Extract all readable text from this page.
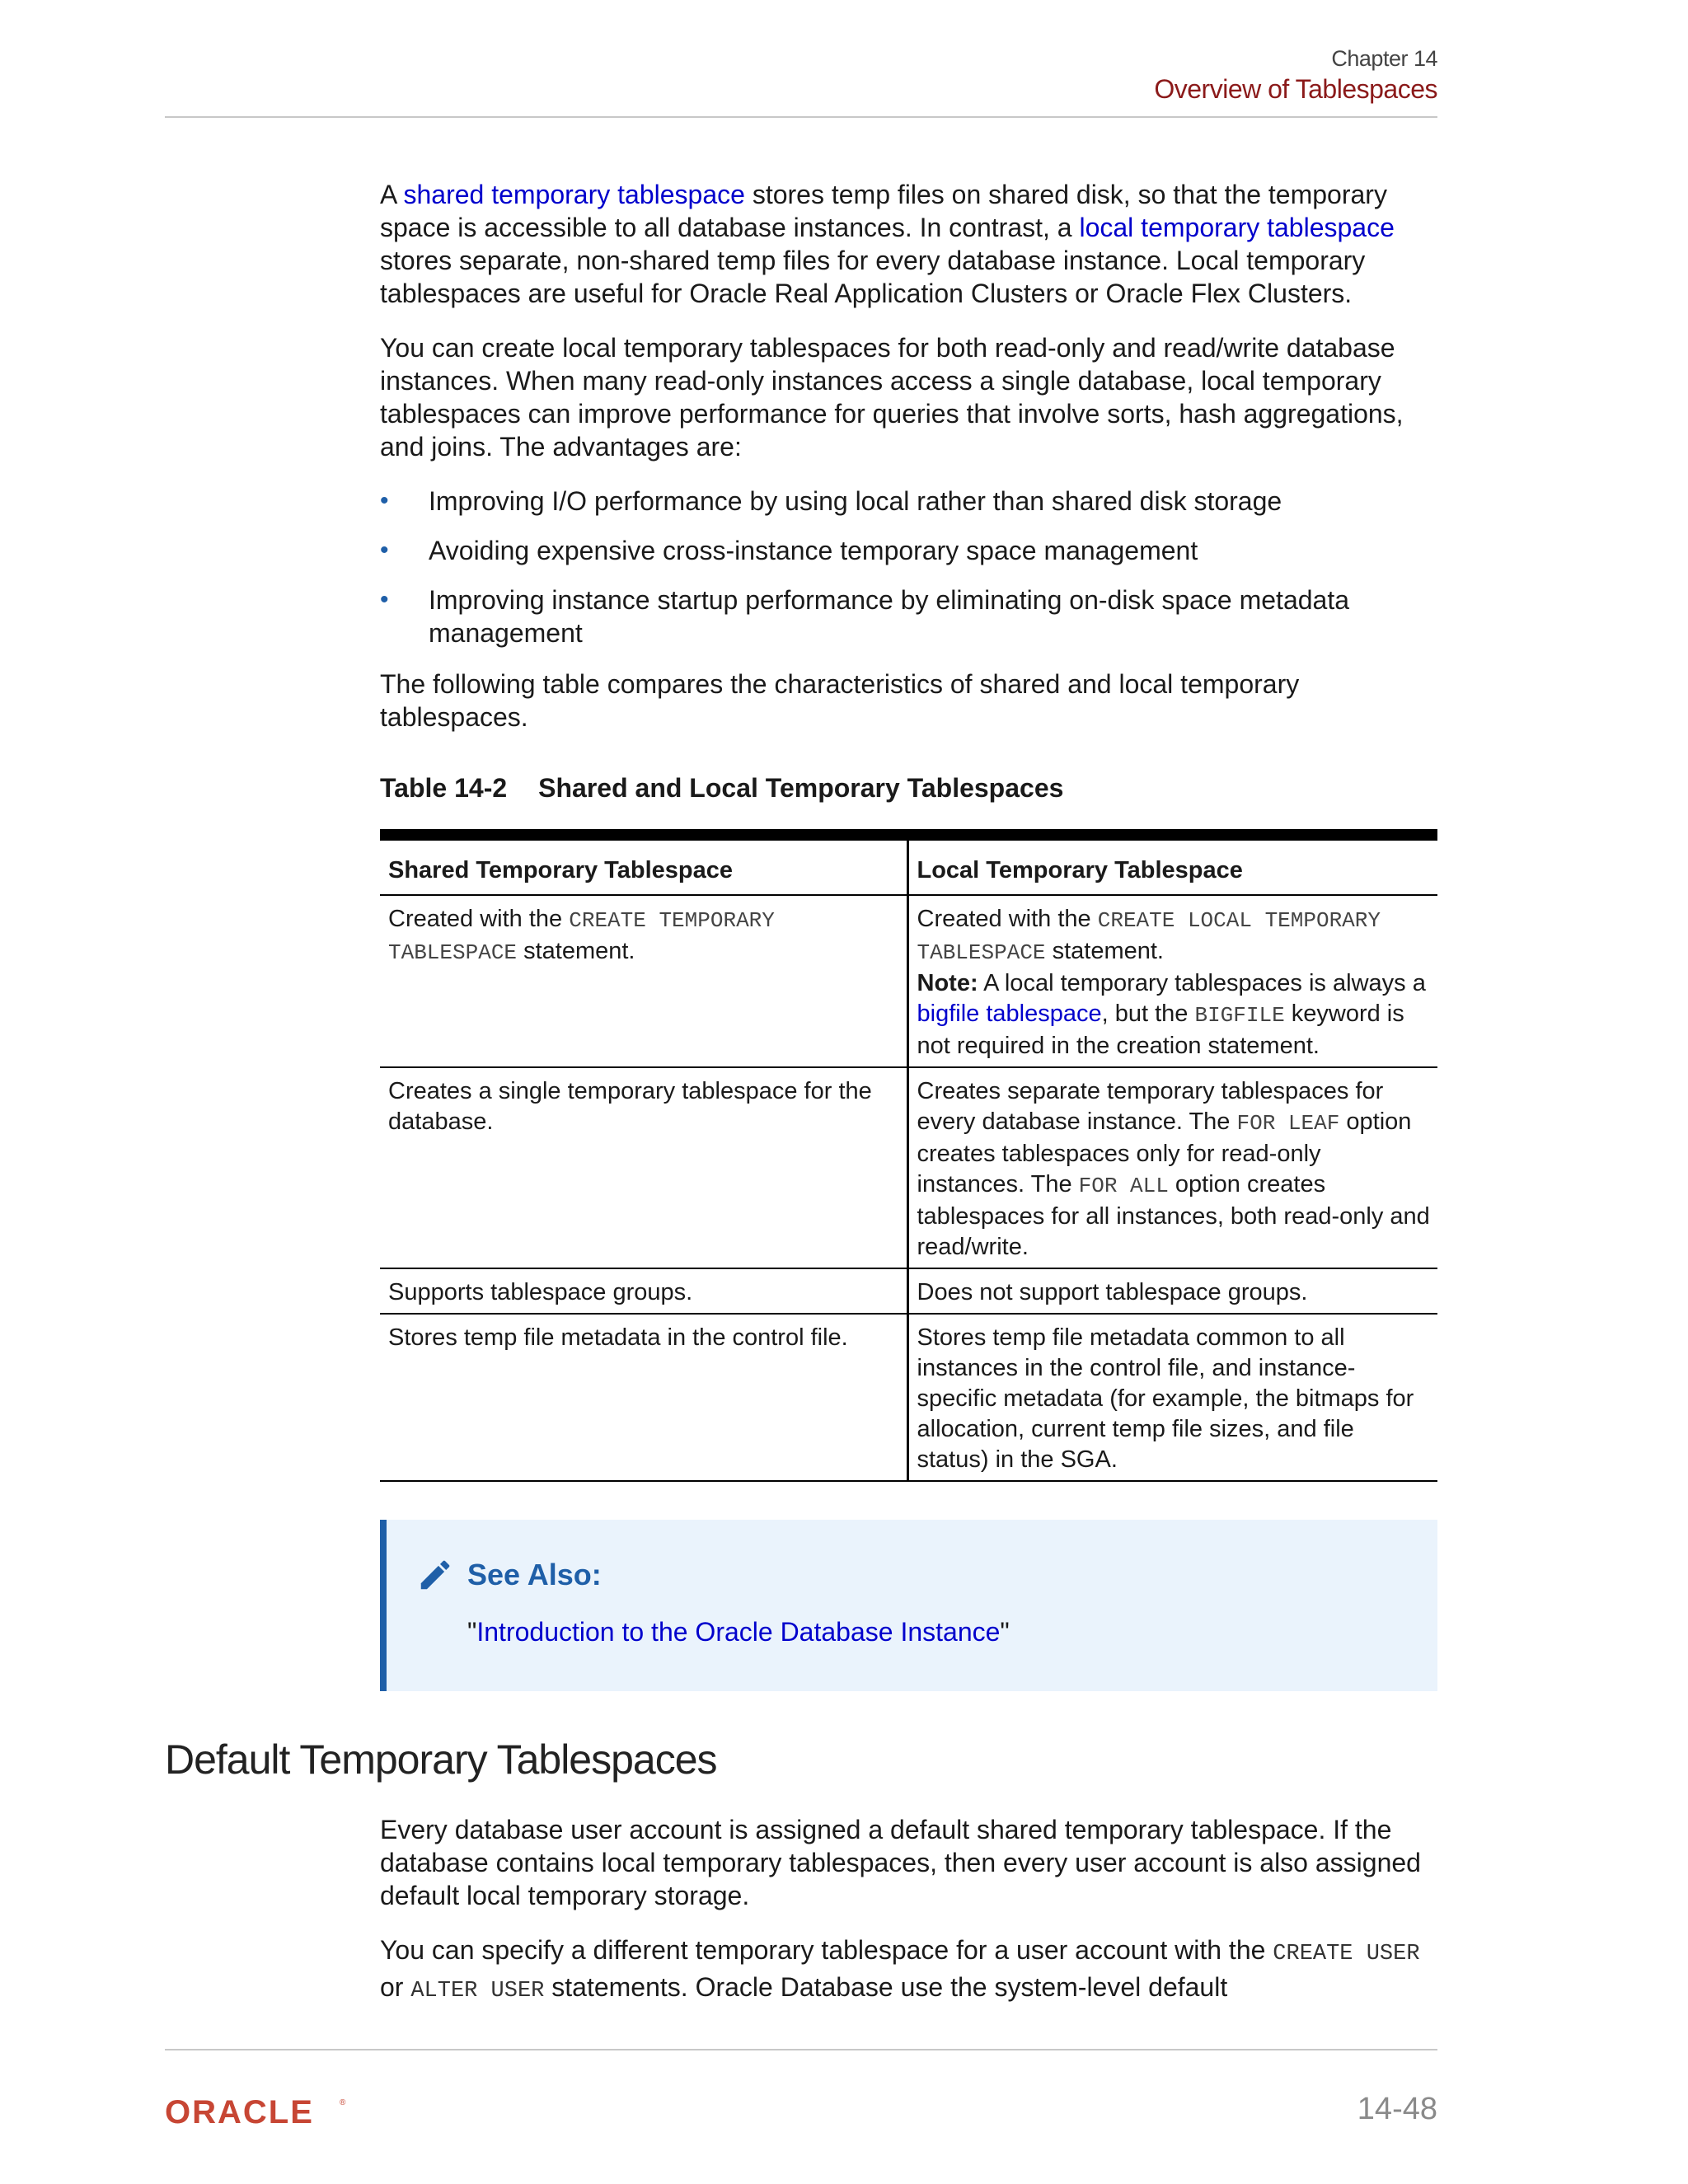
Chapter 14
Overview of Tablespaces

A shared temporary tablespace stores temp files on shared disk, so that the temporary space is accessible to all database instances. In contrast, a local temporary tablespace stores separate, non-shared temp files for every database instance. Local temporary tablespaces are useful for Oracle Real Application Clusters or Oracle Flex Clusters.

You can create local temporary tablespaces for both read-only and read/write database instances. When many read-only instances access a single database, local temporary tablespaces can improve performance for queries that involve sorts, hash aggregations, and joins. The advantages are:

• Improving I/O performance by using local rather than shared disk storage
• Avoiding expensive cross-instance temporary space management
• Improving instance startup performance by eliminating on-disk space metadata management

The following table compares the characteristics of shared and local temporary tablespaces.

Table 14-2 Shared and Local Temporary Tablespaces
Shared Temporary Tablespace	Local Temporary Tablespace
Created with the CREATE TEMPORARY TABLESPACE statement.	Created with the CREATE LOCAL TEMPORARY TABLESPACE statement.
Note: A local temporary tablespaces is always a bigfile tablespace, but the BIGFILE keyword is not required in the creation statement.
Creates a single temporary tablespace for the database.	Creates separate temporary tablespaces for every database instance. The FOR LEAF option creates tablespaces only for read-only instances. The FOR ALL option creates tablespaces for all instances, both read-only and read/write.
Supports tablespace groups.	Does not support tablespace groups.
Stores temp file metadata in the control file.	Stores temp file metadata common to all instances in the control file, and instance-specific metadata (for example, the bitmaps for allocation, current temp file sizes, and file status) in the SGA.
See Also:
"Introduction to the Oracle Database Instance"
Default Temporary Tablespaces

Every database user account is assigned a default shared temporary tablespace. If the database contains local temporary tablespaces, then every user account is also assigned default local temporary storage.

You can specify a different temporary tablespace for a user account with the CREATE USER or ALTER USER statements. Oracle Database use the system-level default

ORACLE	®	14-48
